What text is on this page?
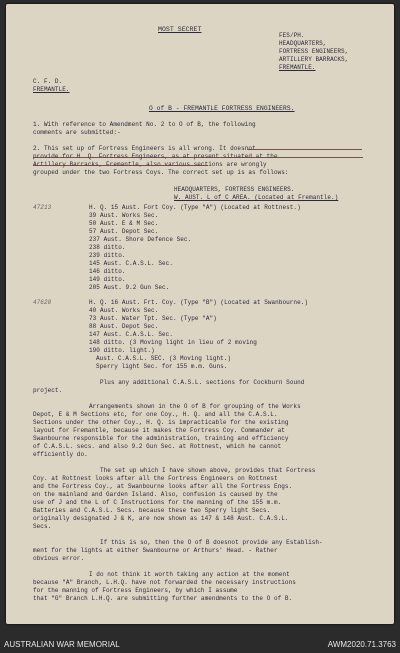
MOST SECRET
FES/PH.
HEADQUARTERS,
FORTRESS ENGINEERS,
ARTILLERY BARRACKS,
FREMANTLE.
C. F. D.
FREMANTLE.
O of B - FREMANTLE FORTRESS ENGINEERS.
1. With reference to Amendment No. 2 to O of B, the following
comments are submitted:-
2. This set up of Fortress Engineers is all wrong. It doesnot
provide for H. Q. Fortress Engineers, as at present situated at the
Artillery Barracks, Fremantle, also various sections are wrongly
grouped under the two Fortress Coys. The correct set up is as follows:
HEADQUARTERS, FORTRESS ENGINEERS.
W. AUST. L of C AREA. (Located at Fremantle.)
47213	H. Q. 15 Aust. Fort Coy. (Type "A") (Located at Rottnest.)
39 Aust. Works Sec.
50 Aust. E & M Sec.
57 Aust. Depot Sec.
237 Aust. Shore Defence Sec.
238 ditto.
239 ditto.
145 Aust. C.A.S.L. Sec.
146 ditto.
149 ditto.
205 Aust. 9.2 Gun Sec.
47620	H. Q. 16 Aust. Frt. Coy. (Type "B") (Located at Swanbourne.)
40 Aust. Works Sec.
73 Aust. Water Tpt. Sec. (Type "A")
88 Aust. Depot Sec.
147 Aust. C.A.S.L. Sec.
148 ditto. (3 Moving light in lieu of 2 moving
190 ditto. light.)
Aust. C.A.S.L. SEC. (3 Moving light.)
Sperry light Sec. for 155 m.m. Guns.
Plus any additional C.A.S.L. sections for Cockburn Sound
project.
Arrangements shown in the O of B for grouping of the Works
Depot, E & M Sections etc, for one Coy., H. Q. and all the C.A.S.L.
Sections under the other Coy., H. Q. is impracticable for the existing
layout for Fremantle, because it makes the Fortress Coy. Commander at
Swanbourne responsible for the administration, training and efficiency
of C.A.S.L. secs. and also 9.2 Gun Sec. at Rottnest, which he cannot
efficiently do.
The set up which I have shown above, provides that Fortress
Coy. at Rottnest looks after all the Fortress Engineers on Rottnest
and the Fortress Coy., at Swanbourne looks after all the Fortress Engs.
on the mainland and Garden Island. Also, confusion is caused by the
use of J and the L of C Instructions for the manning of the 155 m.m.
Batteries and C.A.S.L. Secs. because these two Sperry light Secs.
originally designated J & K, are now shown as 147 & 148 Aust. C.A.S.L.
Secs.
If this is so, then the O of B doesnot provide any Establish-
ment for the lights at either Swanbourne or Arthurs' Head. - Rather
obvious error.
I do not think it worth taking any action at the moment
because "A" Branch, L.H.Q. have not forwarded the necessary instructions
for the manning of Fortress Engineers, by which I assume
that "G" Branch L.H.Q. are submitting further amendments to the O of B.
AUSTRALIAN WAR MEMORIAL	AWM2020.71.3763
